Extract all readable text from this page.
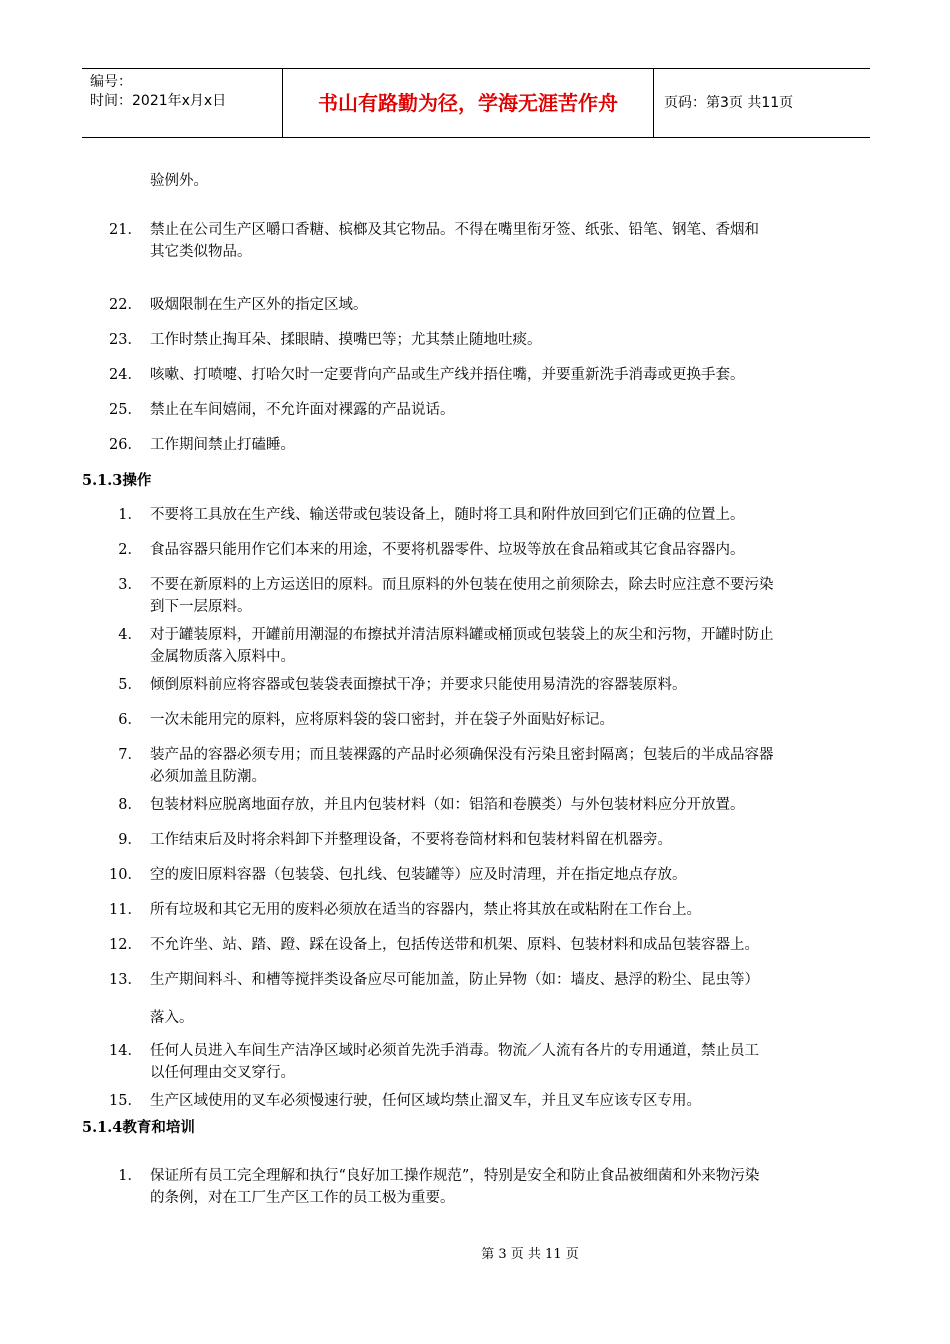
编号：
时间：2021年x月x日	书山有路勤为径，学海无涯苦作舟	页码：第3页 共11页
验例外。
21． 禁止在公司生产区嚼口香糖、槟榔及其它物品。不得在嘴里衔牙签、纸张、铅笔、钢笔、香烟和
其它类似物品。
22． 吸烟限制在生产区外的指定区域。
23． 工作时禁止掏耳朵、揉眼睛、摸嘴巴等；尤其禁止随地吐痰。
24． 咳嗽、打喷嚏、打哈欠时一定要背向产品或生产线并捂住嘴，并要重新洗手消毒或更换手套。
25． 禁止在车间嬉闹，不允许面对裸露的产品说话。
26． 工作期间禁止打磕睡。
1． 不要将工具放在生产线、输送带或包装设备上，随时将工具和附件放回到它们正确的位置上。
2． 食品容器只能用作它们本来的用途，不要将机器零件、垃圾等放在食品箱或其它食品容器内。
3． 不要在新原料的上方运送旧的原料。而且原料的外包装在使用之前须除去，除去时应注意不要污染
到下一层原料。
4． 对于罐装原料，开罐前用潮湿的布擦拭并清洁原料罐或桶顶或包装袋上的灰尘和污物，开罐时防止
金属物质落入原料中。
5． 倾倒原料前应将容器或包装袋表面擦拭干净；并要求只能使用易清洗的容器装原料。
6． 一次未能用完的原料，应将原料袋的袋口密封，并在袋子外面贴好标记。
7． 装产品的容器必须专用；而且装裸露的产品时必须确保没有污染且密封隔离；包装后的半成品容器
必须加盖且防潮。
8． 包装材料应脱离地面存放，并且内包装材料（如：铝箔和卷膜类）与外包装材料应分开放置。
9． 工作结束后及时将余料卸下并整理设备，不要将卷筒材料和包装材料留在机器旁。
10． 空的废旧原料容器（包装袋、包扎线、包装罐等）应及时清理，并在指定地点存放。
11． 所有垃圾和其它无用的废料必须放在适当的容器内，禁止将其放在或粘附在工作台上。
12． 不允许坐、站、踏、蹬、踩在设备上，包括传送带和机架、原料、包装材料和成品包装容器上。
13． 生产期间料斗、和槽等搅拌类设备应尽可能加盖，防止异物（如：墙皮、悬浮的粉尘、昆虫等）
落入。
14． 任何人员进入车间生产洁净区域时必须首先洗手消毒。物流／人流有各片的专用通道，禁止员工
以任何理由交叉穿行。
15． 生产区域使用的叉车必须慢速行驶，任何区域均禁止溜叉车，并且叉车应该专区专用。
1． 保证所有员工完全理解和执行“良好加工操作规范”，特别是安全和防止食品被细菌和外来物污染
的条例，对在工厂生产区工作的员工极为重要。
5.1.3操作
5.1.4教育和培训
第 3 页 共 11 页
